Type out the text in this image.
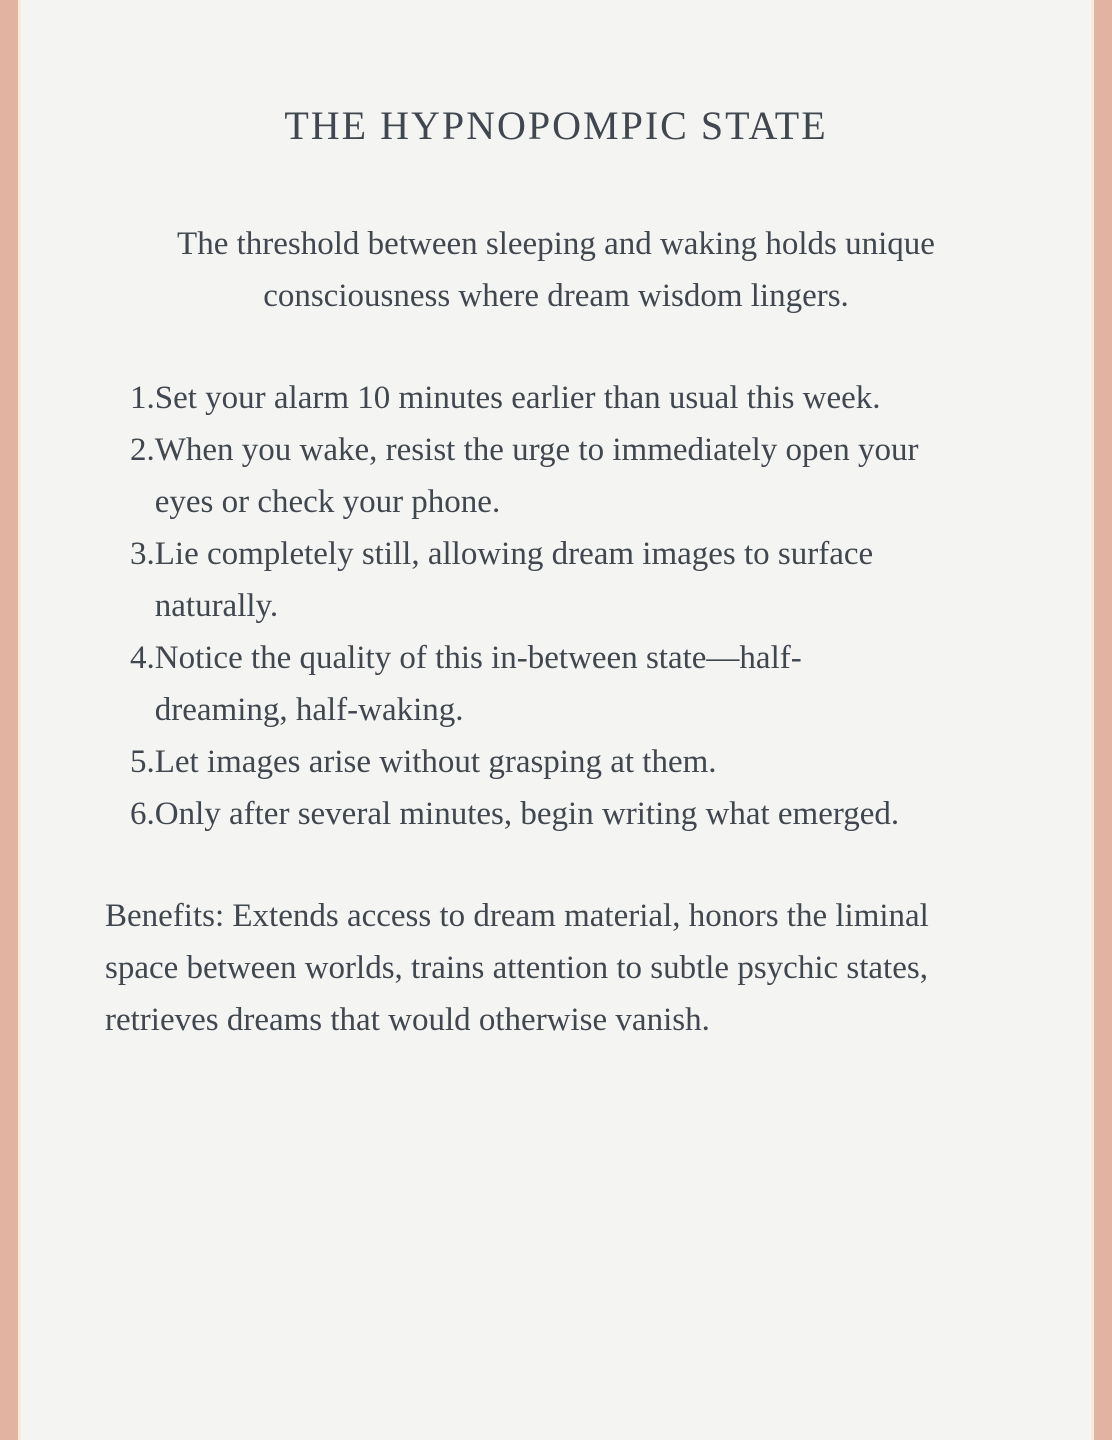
THE HYPNOPOMPIC STATE

The threshold between sleeping and waking holds unique
consciousness where dream wisdom lingers.

1. Set your alarm 10 minutes earlier than usual this week.
2. When you wake, resist the urge to immediately open your
eyes or check your phone.
3. Lie completely still, allowing dream images to surface
naturally.
4. Notice the quality of this in-between state—half-
dreaming, half-waking.
5. Let images arise without grasping at them.
6. Only after several minutes, begin writing what emerged.

Benefits: Extends access to dream material, honors the liminal
space between worlds, trains attention to subtle psychic states,
retrieves dreams that would otherwise vanish.
